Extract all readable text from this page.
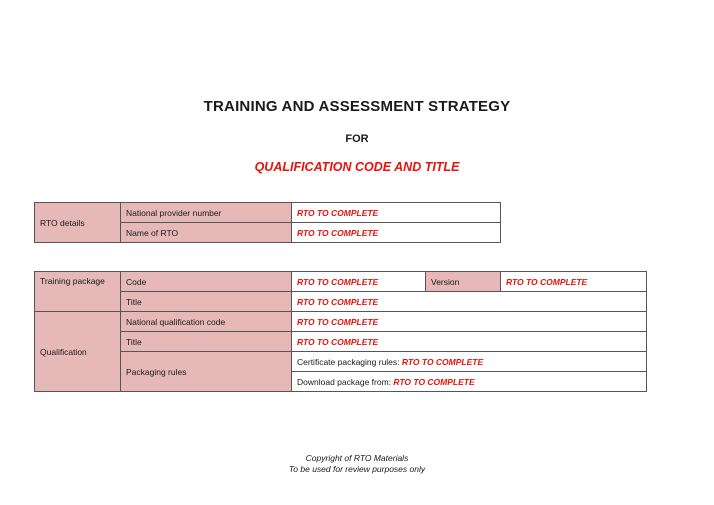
TRAINING AND ASSESSMENT STRATEGY
FOR
QUALIFICATION CODE AND TITLE
RTO details	National provider number	RTO TO COMPLETE
	Name of RTO	RTO TO COMPLETE
Training package	Code	RTO TO COMPLETE	Version	RTO TO COMPLETE
	Title	RTO TO COMPLETE		
Qualification	National qualification code	RTO TO COMPLETE		
	Title	RTO TO COMPLETE		
	Packaging rules	Certificate packaging rules: RTO TO COMPLETE		
		Download package from: RTO TO COMPLETE		
Copyright of RTO Materials
To be used for review purposes only
